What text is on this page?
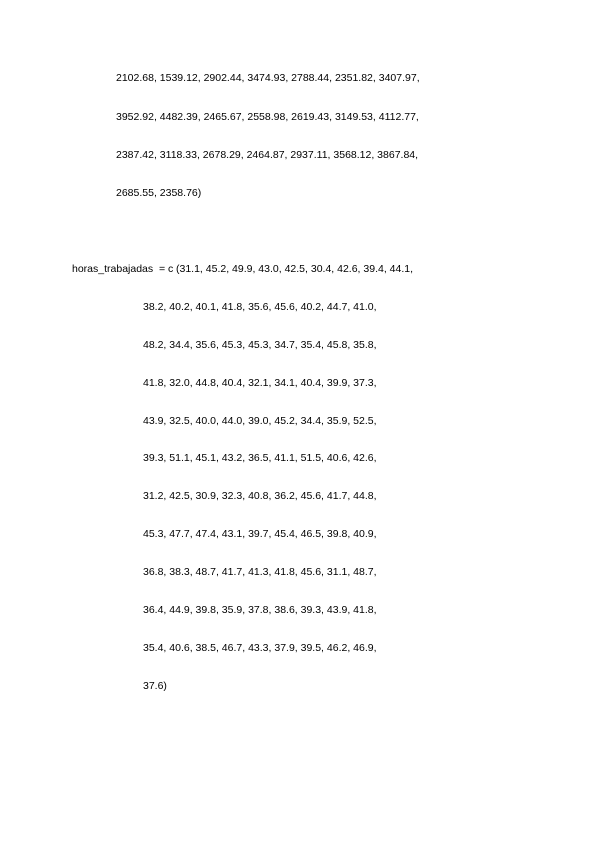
2102.68, 1539.12, 2902.44, 3474.93, 2788.44, 2351.82, 3407.97,
3952.92, 4482.39, 2465.67, 2558.98, 2619.43, 3149.53, 4112.77,
2387.42, 3118.33, 2678.29, 2464.87, 2937.11, 3568.12, 3867.84,
2685.55, 2358.76)
horas_trabajadas  = c (31.1, 45.2, 49.9, 43.0, 42.5, 30.4, 42.6, 39.4, 44.1,
38.2, 40.2, 40.1, 41.8, 35.6, 45.6, 40.2, 44.7, 41.0,
48.2, 34.4, 35.6, 45.3, 45.3, 34.7, 35.4, 45.8, 35.8,
41.8, 32.0, 44.8, 40.4, 32.1, 34.1, 40.4, 39.9, 37.3,
43.9, 32.5, 40.0, 44.0, 39.0, 45.2, 34.4, 35.9, 52.5,
39.3, 51.1, 45.1, 43.2, 36.5, 41.1, 51.5, 40.6, 42.6,
31.2, 42.5, 30.9, 32.3, 40.8, 36.2, 45.6, 41.7, 44.8,
45.3, 47.7, 47.4, 43.1, 39.7, 45.4, 46.5, 39.8, 40.9,
36.8, 38.3, 48.7, 41.7, 41.3, 41.8, 45.6, 31.1, 48.7,
36.4, 44.9, 39.8, 35.9, 37.8, 38.6, 39.3, 43.9, 41.8,
35.4, 40.6, 38.5, 46.7, 43.3, 37.9, 39.5, 46.2, 46.9,
37.6)
